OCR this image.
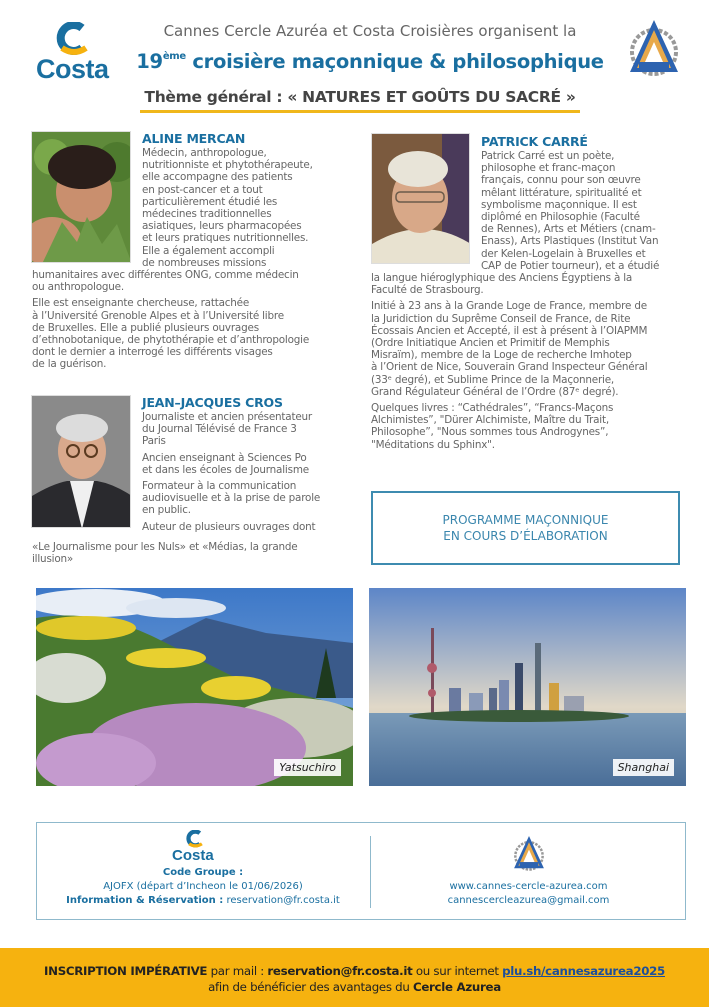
Costa
Cannes Cercle Azuréa et Costa Croisières organisent la
19ème croisière maçonnique & philosophique
Thème général : « NATURES ET GOÛTS DU SACRÉ »
ALINE MERCAN

Médecin, anthropologue,

nutritionniste et phytothérapeute,

elle accompagne des patients

en post-cancer et a tout

particulièrement étudié les

médecines traditionnelles

asiatiques, leurs pharmacopées

et leurs pratiques nutritionnelles.

Elle a également accompli

de nombreuses missions

humanitaires avec différentes ONG, comme médecin

ou anthropologue.

Elle est enseignante chercheuse, rattachée

à l’Université Grenoble Alpes et à l’Université libre

de Bruxelles. Elle a publié plusieurs ouvrages

d’ethnobotanique, de phytothérapie et d’anthropologie

dont le dernier a interrogé les différents visages

de la guérison.

JEAN–JACQUES CROS

Journaliste et ancien présentateur

du Journal Télévisé de France 3

Paris

Ancien enseignant à Sciences Po

et dans les écoles de Journalisme

Formateur à la communication

audiovisuelle et à la prise de parole

en public.

Auteur de plusieurs ouvrages dont

«Le Journalisme pour les Nuls» et «Médias, la grande

illusion»

PATRICK CARRÉ

Patrick Carré est un poète,

philosophe et franc-maçon

français, connu pour son œuvre

mêlant littérature, spiritualité et

symbolisme maçonnique. Il est

diplômé en Philosophie (Faculté

de Rennes), Arts et Métiers (cnam-

Enass), Arts Plastiques (Institut Van

der Kelen-Logelain à Bruxelles et

CAP de Potier tourneur), et a étudié

la langue hiéroglyphique des Anciens Égyptiens à la

Faculté de Strasbourg.

Initié à 23 ans à la Grande Loge de France, membre de

la Juridiction du Suprême Conseil de France, de Rite

Écossais Ancien et Accepté, il est à présent à l’OIAPMM

(Ordre Initiatique Ancien et Primitif de Memphis

Misraïm), membre de la Loge de recherche Imhotep

à l’Orient de Nice, Souverain Grand Inspecteur Général

(33ᵉ degré), et Sublime Prince de la Maçonnerie,

Grand Régulateur Général de l’Ordre (87ᵉ degré).

Quelques livres : “Cathédrales”, “Francs-Maçons

Alchimistes”, "Dürer Alchimiste, Maître du Trait,

Philosophe”, "Nous sommes tous Androgynes”,

"Méditations du Sphinx".

PROGRAMME MAÇONNIQUE
EN COURS D’ÉLABORATION
Yatsuchiro	Shanghai
Costa
Code Groupe :
AJOFX (départ d’Incheon le 01/06/2026)
Information & Réservation : reservation@fr.costa.it
www.cannes-cercle-azurea.com
cannescercleazurea@gmail.com
INSCRIPTION IMPÉRATIVE par mail : reservation@fr.costa.it ou sur internet plu.sh/cannesazurea2025
afin de bénéficier des avantages du Cercle Azurea
